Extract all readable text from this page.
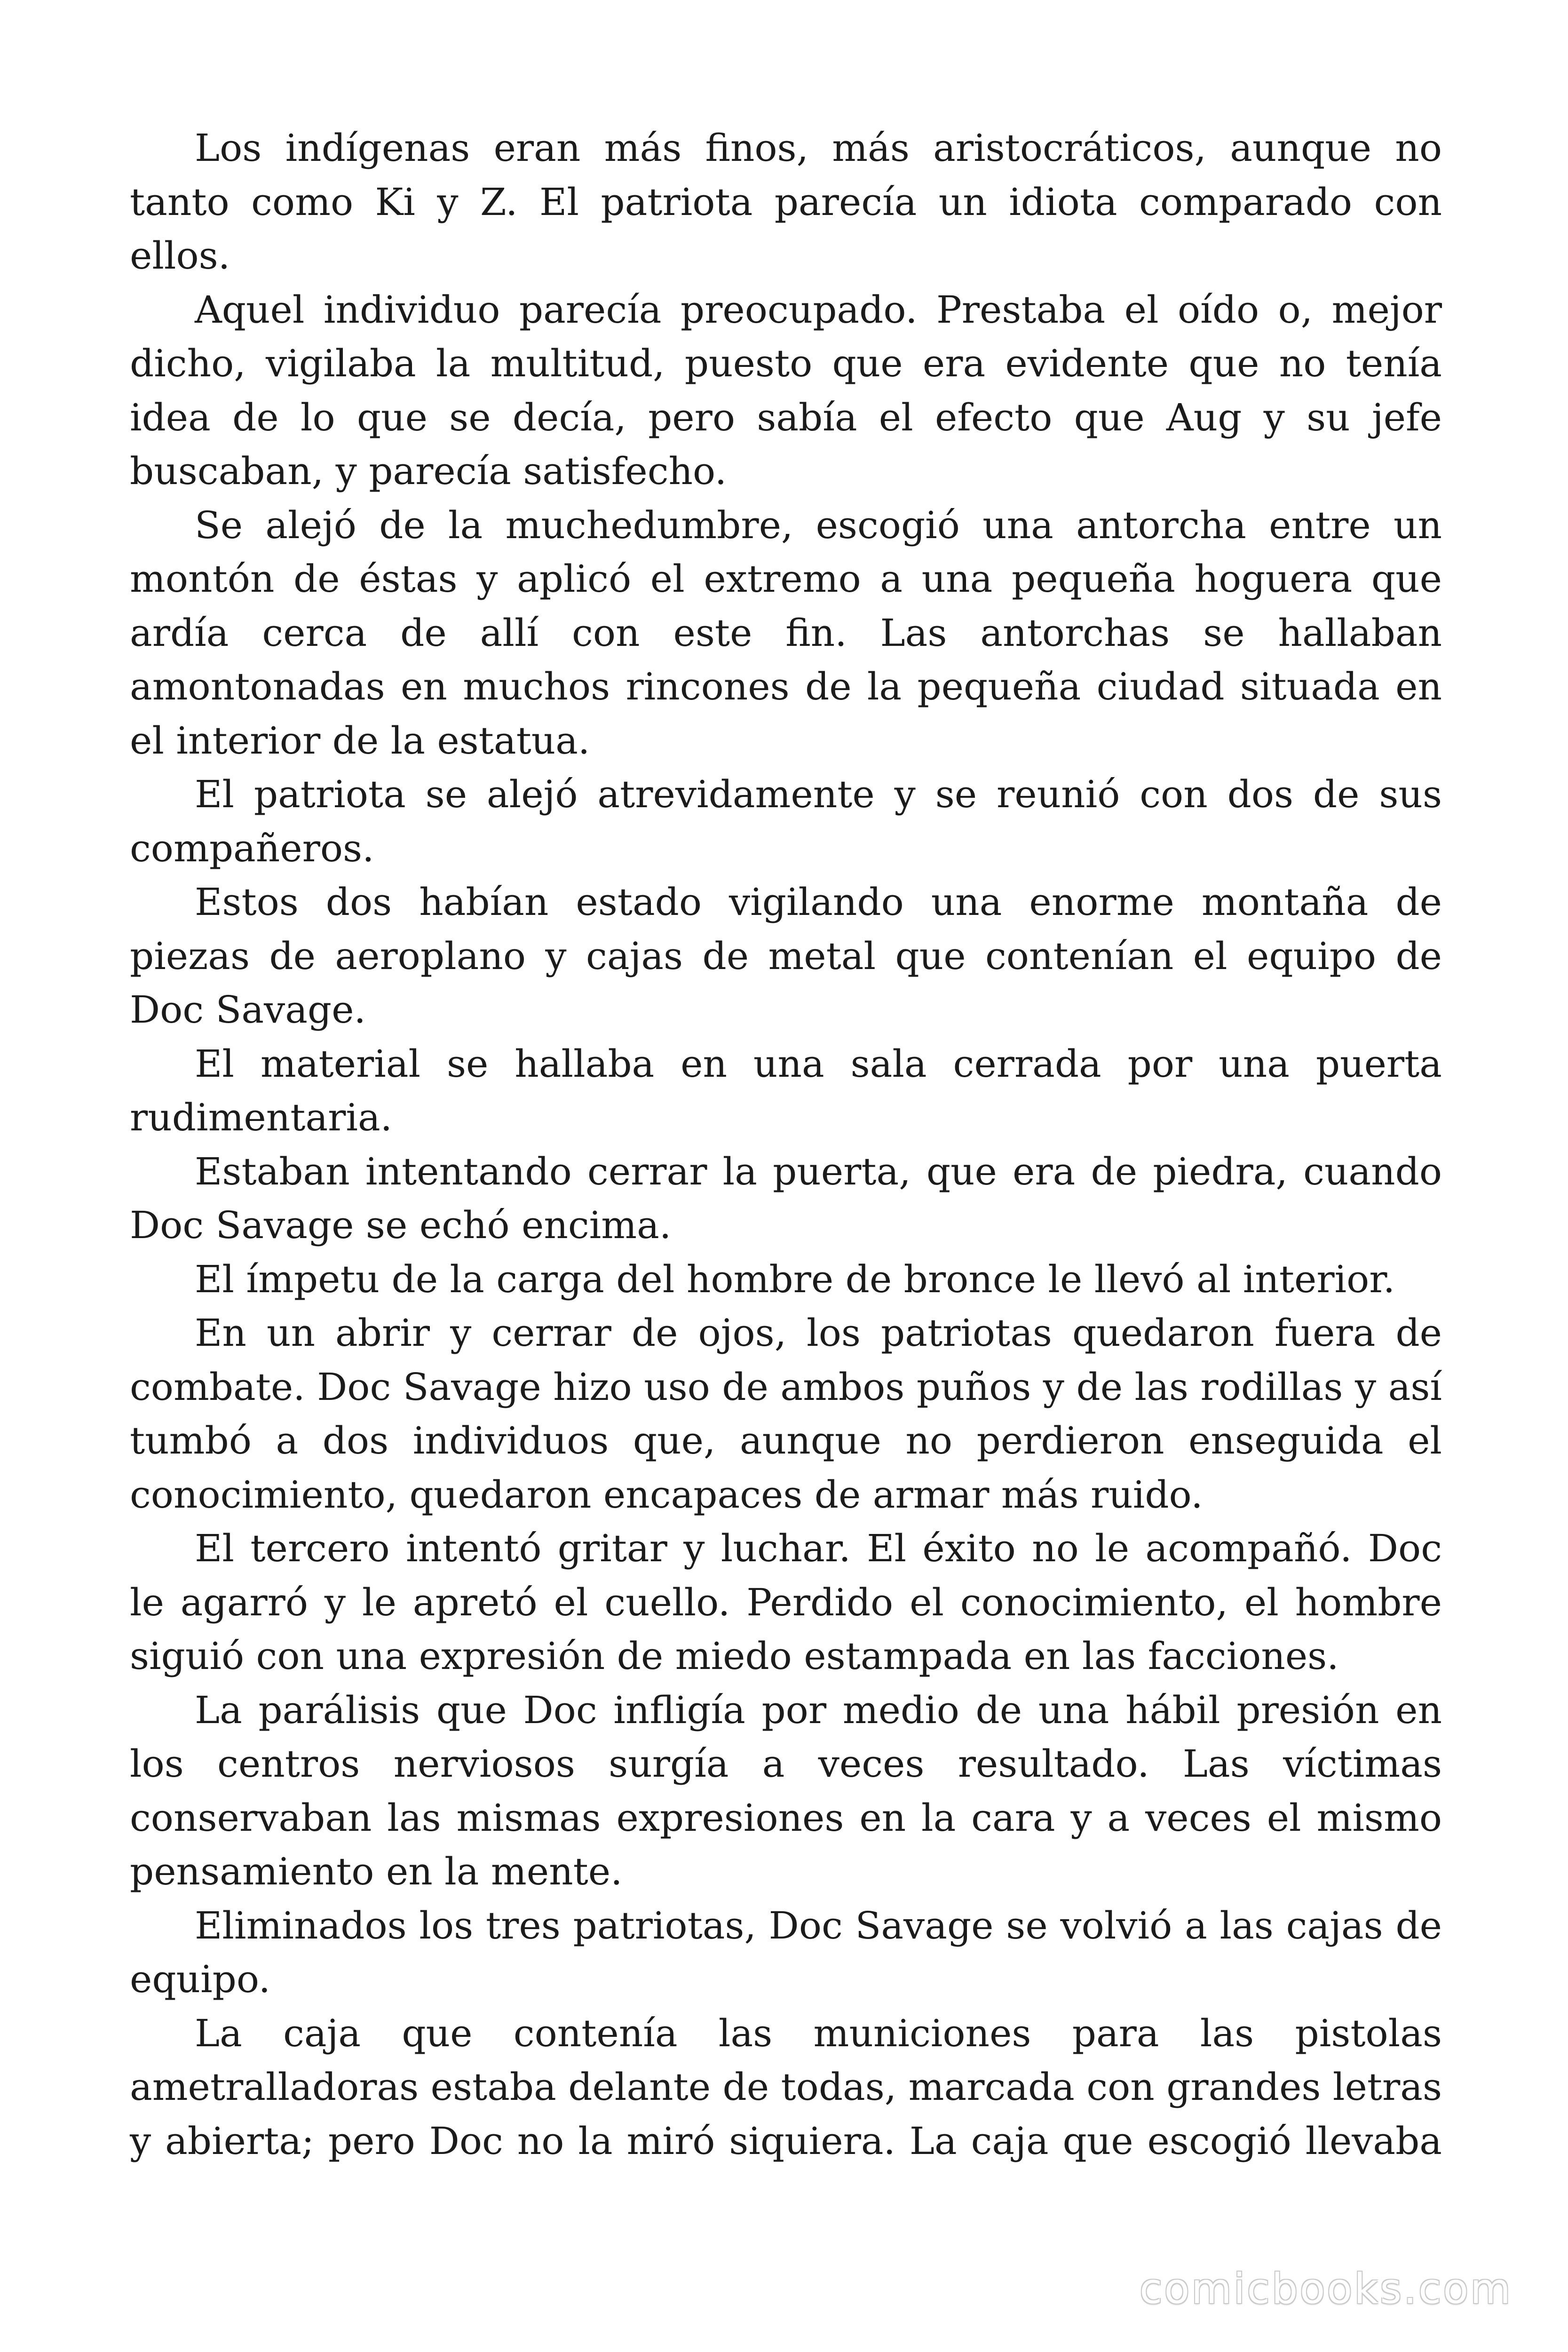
Los indígenas eran más finos, más aristocráticos, aunque no tanto como Ki y Z. El patriota parecía un idiota comparado con ellos.

Aquel individuo parecía preocupado. Prestaba el oído o, mejor dicho, vigilaba la multitud, puesto que era evidente que no tenía idea de lo que se decía, pero sabía el efecto que Aug y su jefe buscaban, y parecía satisfecho.

Se alejó de la muchedumbre, escogió una antorcha entre un montón de éstas y aplicó el extremo a una pequeña hoguera que ardía cerca de allí con este fin. Las antorchas se hallaban amontonadas en muchos rincones de la pequeña ciudad situada en el interior de la estatua.

El patriota se alejó atrevidamente y se reunió con dos de sus compañeros.

Estos dos habían estado vigilando una enorme montaña de piezas de aeroplano y cajas de metal que contenían el equipo de Doc Savage.

El material se hallaba en una sala cerrada por una puerta rudimentaria.

Estaban intentando cerrar la puerta, que era de piedra, cuando Doc Savage se echó encima.

El ímpetu de la carga del hombre de bronce le llevó al interior.

En un abrir y cerrar de ojos, los patriotas quedaron fuera de combate. Doc Savage hizo uso de ambos puños y de las rodillas y así tumbó a dos individuos que, aunque no perdieron enseguida el conocimiento, quedaron encapaces de armar más ruido.

El tercero intentó gritar y luchar. El éxito no le acompañó. Doc le agarró y le apretó el cuello. Perdido el conocimiento, el hombre siguió con una expresión de miedo estampada en las facciones.

La parálisis que Doc infligía por medio de una hábil presión en los centros nerviosos surgía a veces resultado. Las víctimas conservaban las mismas expresiones en la cara y a veces el mismo pensamiento en la mente.

Eliminados los tres patriotas, Doc Savage se volvió a las cajas de equipo.

La caja que contenía las municiones para las pistolas ametralladoras estaba delante de todas, marcada con grandes letras y abierta; pero Doc no la miró siquiera. La caja que escogió llevaba

comicbooks.com
